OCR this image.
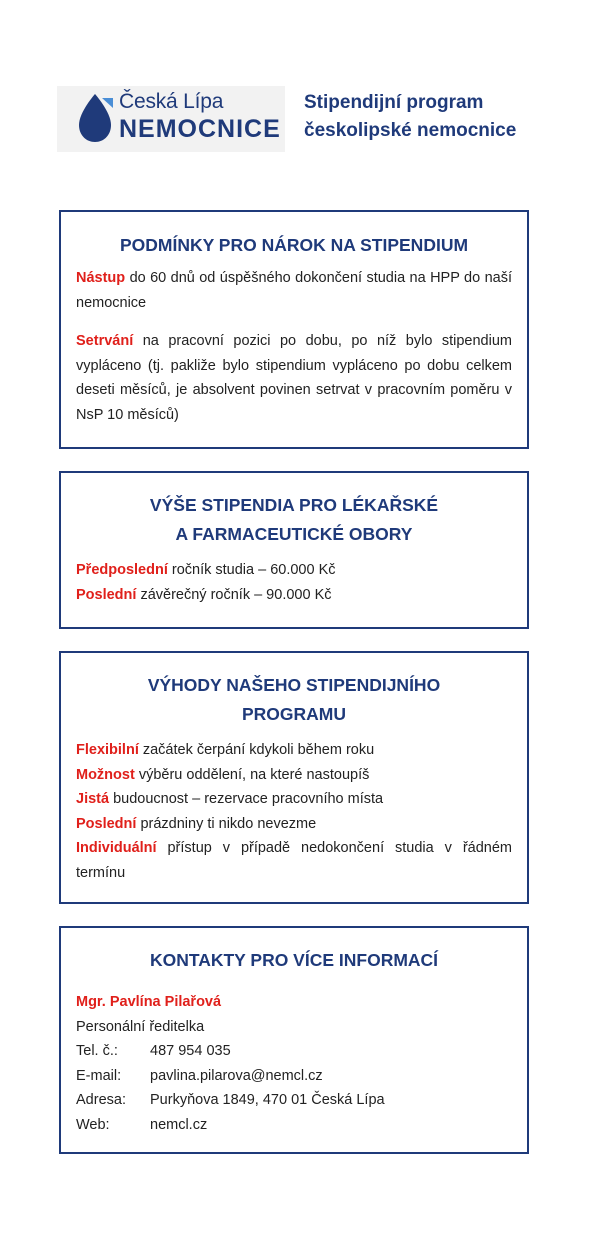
Česká Lípa
NEMOCNICE
Stipendijní program
českolipské nemocnice
PODMÍNKY PRO NÁROK NA STIPENDIUM

Nástup do 60 dnů od úspěšného dokončení studia na HPP do naší nemocnice

Setrvání na pracovní pozici po dobu, po níž bylo stipendium vypláceno (tj. pakliže bylo stipendium vypláceno po dobu celkem deseti měsíců, je absolvent povinen setrvat v pracovním poměru v NsP 10 měsíců)

VÝŠE STIPENDIA PRO LÉKAŘSKÉ
A FARMACEUTICKÉ OBORY

Předposlední ročník studia – 60.000 Kč

Poslední závěrečný ročník – 90.000 Kč

VÝHODY NAŠEHO STIPENDIJNÍHO
PROGRAMU

Flexibilní začátek čerpání kdykoli během roku

Možnost výběru oddělení, na které nastoupíš

Jistá budoucnost – rezervace pracovního místa

Poslední prázdniny ti nikdo nevezme

Individuální přístup v případě nedokončení studia v řádném termínu

KONTAKTY PRO VÍCE INFORMACÍ

Mgr. Pavlína Pilařová

Personální ředitelka

Tel. č.:	487 954 035
E-mail:	pavlina.pilarova@nemcl.cz
Adresa:	Purkyňova 1849, 470 01 Česká Lípa
Web:	nemcl.cz
